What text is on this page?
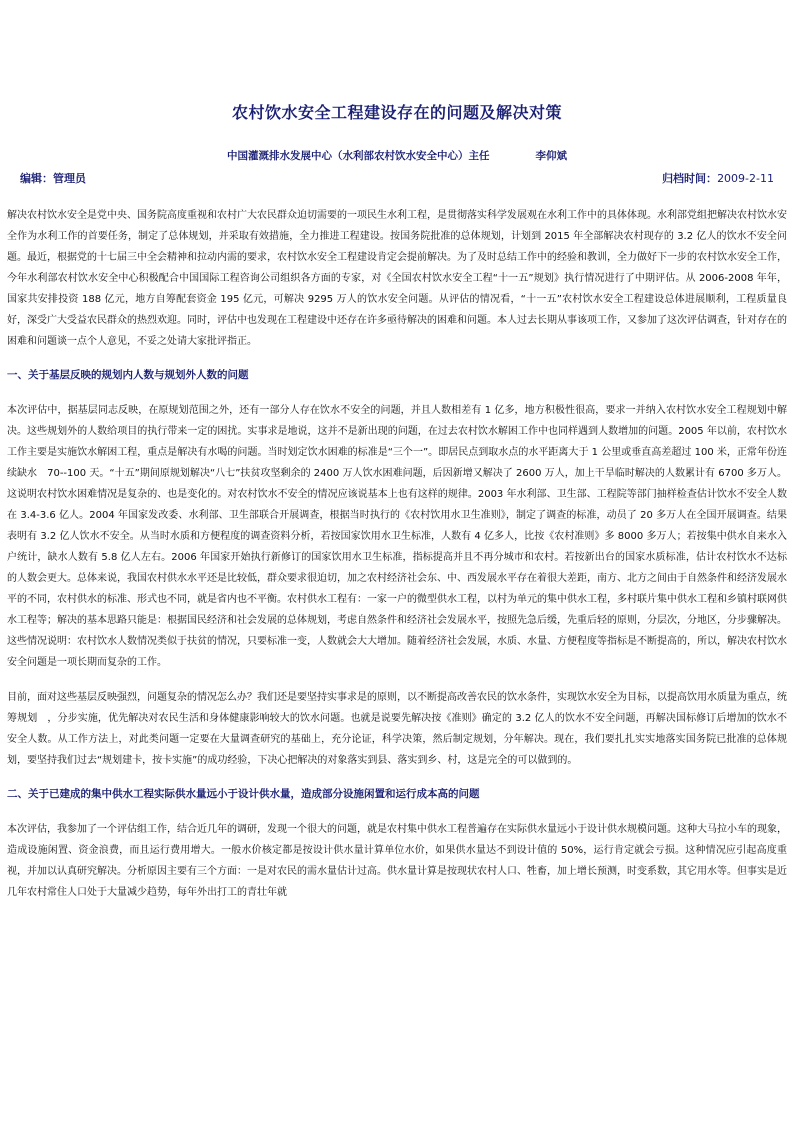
农村饮水安全工程建设存在的问题及解决对策
中国灌溉排水发展中心（水利部农村饮水安全中心）主任	李仰斌
编辑：管理员	归档时间：2009-2-11

解决农村饮水安全是党中央、国务院高度重视和农村广大农民群众迫切需要的一项民生水利工程，是贯彻落实科学发展观在水利工作中的具体体现。水利部党组把解决农村饮水安全作为水利工作的首要任务，制定了总体规划，并采取有效措施，全力推进工程建设。按国务院批准的总体规划，计划到 2015 年全部解决农村现存的 3.2 亿人的饮水不安全问题。最近，根据党的十七届三中全会精神和拉动内需的要求，农村饮水安全工程建设肯定会提前解决。为了及时总结工作中的经验和教训，全力做好下一步的农村饮水安全工作，今年水利部农村饮水安全中心积极配合中国国际工程咨询公司组织各方面的专家，对《全国农村饮水安全工程“十一五”规划》执行情况进行了中期评估。从 2006-2008 年年，国家共安排投资 188 亿元，地方自筹配套资金 195 亿元，可解决 9295 万人的饮水安全问题。从评估的情况看，“十一五”农村饮水安全工程建设总体进展顺利，工程质量良好，深受广大受益农民群众的热烈欢迎。同时，评估中也发现在工程建设中还存在许多亟待解决的困难和问题。本人过去长期从事该项工作，又参加了这次评估调查，针对存在的困难和问题谈一点个人意见，不妥之处请大家批评指正。

一、关于基层反映的规划内人数与规划外人数的问题

本次评估中，据基层同志反映，在原规划范围之外，还有一部分人存在饮水不安全的问题，并且人数相差有 1 亿多，地方积极性很高，要求一并纳入农村饮水安全工程规划中解决。这些规划外的人数给项目的执行带来一定的困扰。实事求是地说，这并不是新出现的问题，在过去农村饮水解困工作中也同样遇到人数增加的问题。2005 年以前，农村饮水工作主要是实施饮水解困工程，重点是解决有水喝的问题。当时划定饮水困难的标准是“三个一”。即居民点到取水点的水平距离大于 1 公里或垂直高差超过 100 米，正常年份连续缺水　70--100 天。“十五”期间原规划解决“八七”扶贫攻坚剩余的 2400 万人饮水困难问题，后因新增又解决了 2600 万人，加上干旱临时解决的人数累计有 6700 多万人。这说明农村饮水困难情况是复杂的、也是变化的。对农村饮水不安全的情况应该说基本上也有这样的规律。2003 年水利部、卫生部、工程院等部门抽样检查估计饮水不安全人数在 3.4-3.6 亿人。2004 年国家发改委、水利部、卫生部联合开展调查，根据当时执行的《农村饮用水卫生准则》，制定了调查的标准，动员了 20 多万人在全国开展调查。结果表明有 3.2 亿人饮水不安全。从当时水质和方便程度的调查资料分析，若按国家饮用水卫生标准，人数有 4 亿多人，比按《农村准则》多 8000 多万人；若按集中供水自来水入户统计，缺水人数有 5.8 亿人左右。2006 年国家开始执行新修订的国家饮用水卫生标准，指标提高并且不再分城市和农村。若按新出台的国家水质标准，估计农村饮水不达标的人数会更大。总体来说，我国农村供水水平还是比较低，群众要求很迫切，加之农村经济社会东、中、西发展水平存在着很大差距，南方、北方之间由于自然条件和经济发展水平的不同，农村供水的标准、形式也不同，就是省内也不平衡。农村供水工程有：一家一户的微型供水工程，以村为单元的集中供水工程，多村联片集中供水工程和乡镇村联网供水工程等；解决的基本思路只能是：根据国民经济和社会发展的总体规划，考虑自然条件和经济社会发展水平，按照先急后缓，先重后轻的原则，分层次，分地区，分步骤解决。这些情况说明：农村饮水人数情况类似于扶贫的情况，只要标准一变，人数就会大大增加。随着经济社会发展，水质、水量、方便程度等指标是不断提高的，所以，解决农村饮水安全问题是一项长期而复杂的工作。

目前，面对这些基层反映强烈，问题复杂的情况怎么办？我们还是要坚持实事求是的原则，以不断提高改善农民的饮水条件，实现饮水安全为目标，以提高饮用水质量为重点，统筹规划　，分步实施，优先解决对农民生活和身体健康影响较大的饮水问题。也就是说要先解决按《准则》确定的 3.2 亿人的饮水不安全问题，再解决国标修订后增加的饮水不安全人数。从工作方法上，对此类问题一定要在大量调查研究的基础上，充分论证，科学决策，然后制定规划，分年解决。现在，我们要扎扎实实地落实国务院已批准的总体规划，要坚持我们过去“规划建卡，按卡实施”的成功经验，下决心把解决的对象落实到县、落实到乡、村，这是完全的可以做到的。

二、关于已建成的集中供水工程实际供水量远小于设计供水量，造成部分设施闲置和运行成本高的问题

本次评估，我参加了一个评估组工作，结合近几年的调研，发现一个很大的问题，就是农村集中供水工程普遍存在实际供水量远小于设计供水规模问题。这种大马拉小车的现象，造成设施闲置、资金浪费，而且运行费用增大。一般水价核定都是按设计供水量计算单位水价，如果供水量达不到设计值的 50%，运行肯定就会亏损。这种情况应引起高度重视，并加以认真研究解决。分析原因主要有三个方面：一是对农民的需水量估计过高。供水量计算是按现状农村人口、牲畜，加上增长预测，时变系数，其它用水等。但事实是近几年农村常住人口处于大量减少趋势，每年外出打工的青壮年就
